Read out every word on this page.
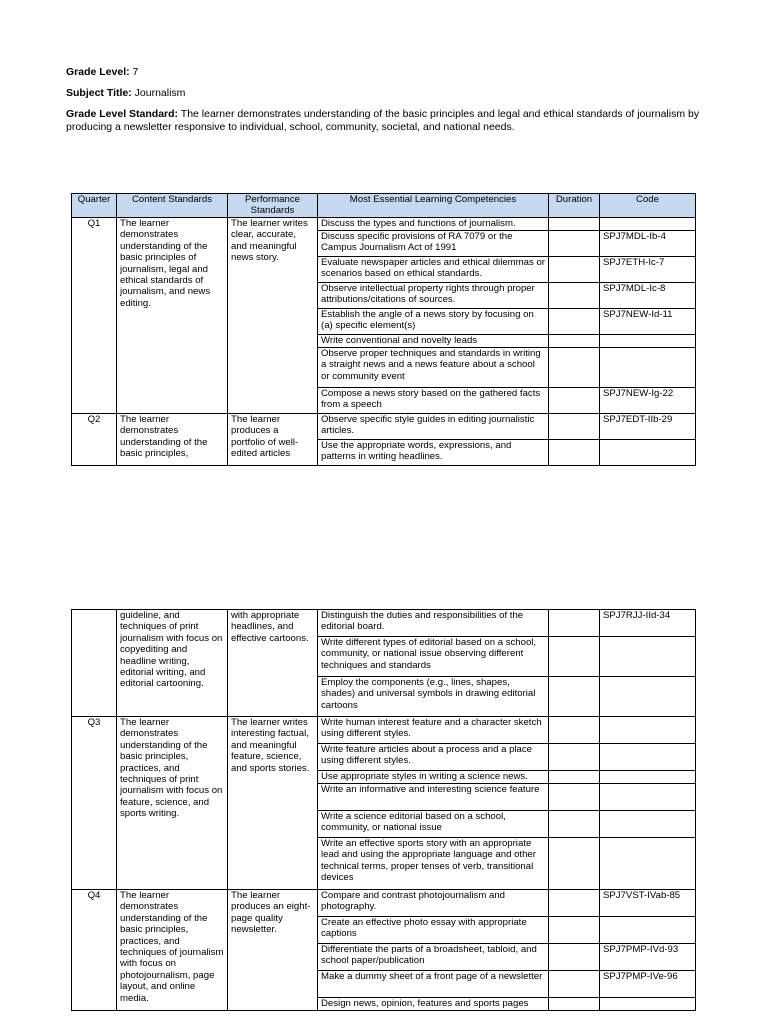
Grade Level: 7
Subject Title: Journalism
Grade Level Standard: The learner demonstrates understanding of the basic principles and legal and ethical standards of journalism by producing a newsletter responsive to individual, school, community, societal, and national needs.
Quarter	Content Standards	Performance Standards	Most Essential Learning Competencies	Duration	Code
Q1	The learner demonstrates understanding of the basic principles of journalism, legal and ethical standards of journalism, and news editing.	The learner writes clear, accurate, and meaningful news story.	Discuss the types and functions of journalism.		
			Discuss specific provisions of RA 7079 or the Campus Journalism Act of 1991		SPJ7MDL-Ib-4
			Evaluate newspaper articles and ethical dilemmas or scenarios based on ethical standards.		SPJ7ETH-Ic-7
			Observe intellectual property rights through proper attributions/citations of sources.		SPJ7MDL-Ic-8
			Establish the angle of a news story by focusing on (a) specific element(s)		SPJ7NEW-Id-11
			Write conventional and novelty leads		
			Observe proper techniques and standards in writing a straight news and a news feature about a school or community event		
			Compose a news story based on the gathered facts from a speech		SPJ7NEW-Ig-22
Q2	The learner demonstrates understanding of the basic principles,	The learner produces a portfolio of well-edited articles	Observe specific style guides in editing journalistic articles.		SPJ7EDT-IIb-29
			Use the appropriate words, expressions, and patterns in writing headlines.		
	guideline, and techniques of print journalism with focus on copyediting and headline writing, editorial writing, and editorial cartooning.	with appropriate headlines, and effective cartoons.	Distinguish the duties and responsibilities of the editorial board.		SPJ7RJJ-IId-34
			Write different types of editorial based on a school, community, or national issue observing different techniques and standards		
			Employ the components (e.g., lines, shapes, shades) and universal symbols in drawing editorial cartoons		
Q3	The learner demonstrates understanding of the basic principles, practices, and techniques of print journalism with focus on feature, science, and sports writing.	The learner writes interesting factual, and meaningful feature, science, and sports stories.	Write human interest feature and a character sketch using different styles.		
			Write feature articles about a process and a place using different styles.		
			Use appropriate styles in writing a science news.		
			Write an informative and interesting science feature		
			Write a science editorial based on a school, community, or national issue		
			Write an effective sports story with an appropriate lead and using the appropriate language and other technical terms, proper tenses of verb, transitional devices		
Q4	The learner demonstrates understanding of the basic principles, practices, and techniques of journalism with focus on photojournalism, page layout, and online media.	The learner produces an eight-page quality newsletter.	Compare and contrast photojournalism and photography.		SPJ7VST-IVab-85
			Create an effective photo essay with appropriate captions		
			Differentiate the parts of a broadsheet, tabloid, and school paper/publication		SPJ7PMP-IVd-93
			Make a dummy sheet of a front page of a newsletter		SPJ7PMP-IVe-96
			Design news, opinion, features and sports pages		
